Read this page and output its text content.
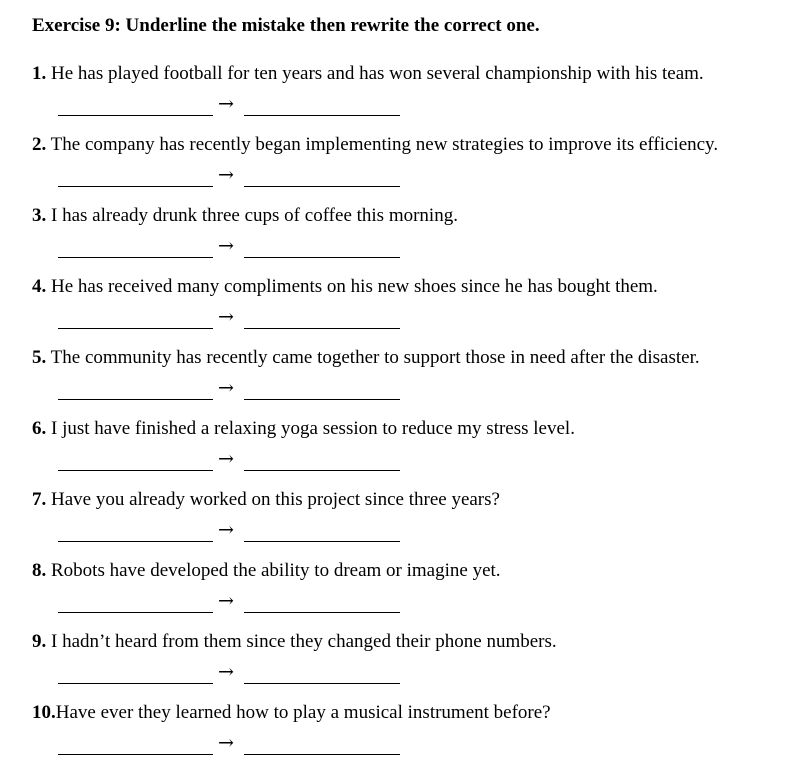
Exercise 9: Underline the mistake then rewrite the correct one.
1. He has played football for ten years and has won several championship with his team.
→
2. The company has recently began implementing new strategies to improve its efficiency.
→
3. I has already drunk three cups of coffee this morning.
→
4. He has received many compliments on his new shoes since he has bought them.
→
5. The community has recently came together to support those in need after the disaster.
→
6. I just have finished a relaxing yoga session to reduce my stress level.
→
7. Have you already worked on this project since three years?
→
8. Robots have developed the ability to dream or imagine yet.
→
9. I hadn’t heard from them since they changed their phone numbers.
→
10.Have ever they learned how to play a musical instrument before?
→
